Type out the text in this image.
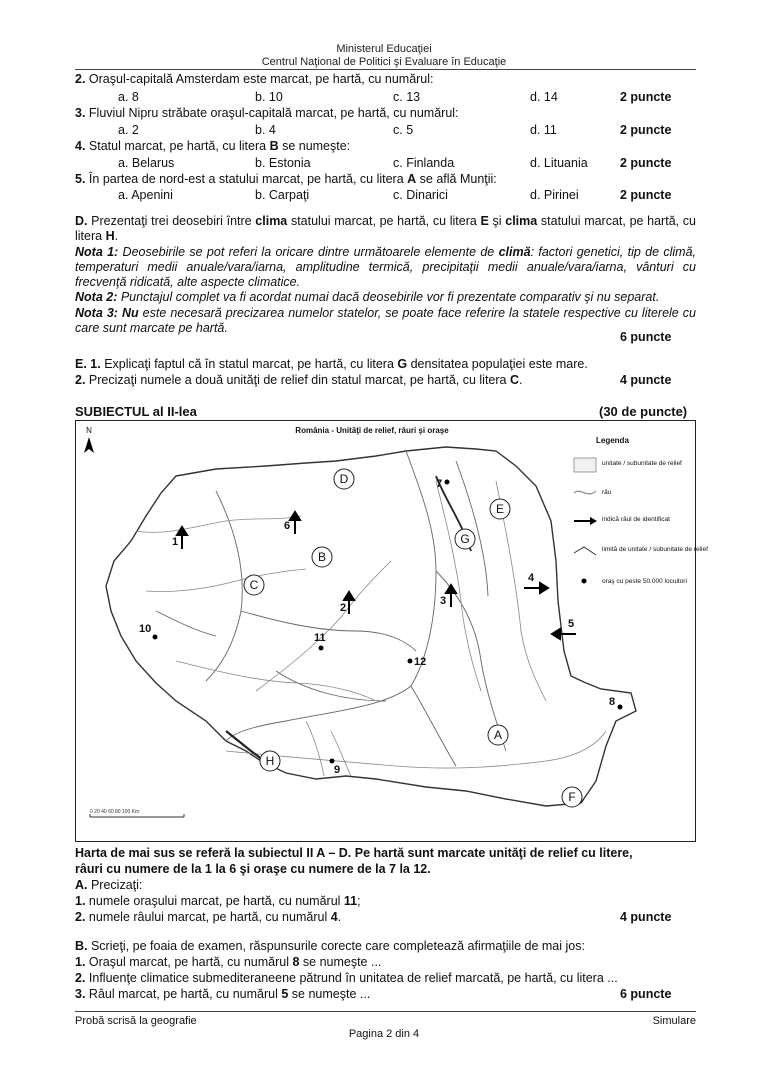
Ministerul Educaţiei
Centrul Naţional de Politici şi Evaluare în Educaţie
2. Oraşul-capitală Amsterdam este marcat, pe hartă, cu numărul:
a. 8	b. 10	c. 13	d. 14	2 puncte
3. Fluviul Nipru străbate oraşul-capitală marcat, pe hartă, cu numărul:
a. 2	b. 4	c. 5	d. 11	2 puncte
4. Statul marcat, pe hartă, cu litera B se numeşte:
a. Belarus	b. Estonia	c. Finlanda	d. Lituania	2 puncte
5. În partea de nord-est a statului marcat, pe hartă, cu litera A se află Munţii:
a. Apenini	b. Carpaţi	c. Dinarici	d. Pirinei	2 puncte
D. Prezentaţi trei deosebiri între clima statului marcat, pe hartă, cu litera E şi clima statului marcat, pe hartă, cu litera H.
Nota 1: Deosebirile se pot referi la oricare dintre următoarele elemente de climă: factori genetici, tip de climă, temperaturi medii anuale/vara/iarna, amplitudine termică, precipitaţii medii anuale/vara/iarna, vânturi cu frecvenţă ridicată, alte aspecte climatice.
Nota 2: Punctajul complet va fi acordat numai dacă deosebirile vor fi prezentate comparativ şi nu separat.
Nota 3: Nu este necesară precizarea numelor statelor, se poate face referire la statele respective cu literele cu care sunt marcate pe hartă.
6 puncte
E. 1. Explicaţi faptul că în statul marcat, pe hartă, cu litera G densitatea populaţiei este mare.
2. Precizaţi numele a două unităţi de relief din statul marcat, pe hartă, cu litera C.	4 puncte
SUBIECTUL al II-lea	(30 de puncte)
A
B
C
D
E
F
G
H
1
2
3
4
5
6
7
8
9
10
11
12
România - Unităţi de relief, râuri şi oraşe
N
0 20 40 60 80 100 Km
Legenda
unitate / subunitate de relief
râu
indică râul de identificat
limită de unitate / subunitate de relief
oraş cu peste 50.000 locuitori
Harta de mai sus se referă la subiectul II A – D. Pe hartă sunt marcate unităţi de relief cu litere,
râuri cu numere de la 1 la 6 şi oraşe cu numere de la 7 la 12.
A. Precizaţi:
1. numele oraşului marcat, pe hartă, cu numărul 11;
2. numele râului marcat, pe hartă, cu numărul 4.	4 puncte
B. Scrieţi, pe foaia de examen, răspunsurile corecte care completează afirmaţiile de mai jos:
1. Oraşul marcat, pe hartă, cu numărul 8 se numeşte ...
2. Influenţe climatice submediteraneene pătrund în unitatea de relief marcată, pe hartă, cu litera ...
3. Râul marcat, pe hartă, cu numărul 5 se numeşte ...	6 puncte
Probă scrisă la geografie	Simulare
Pagina 2 din 4
